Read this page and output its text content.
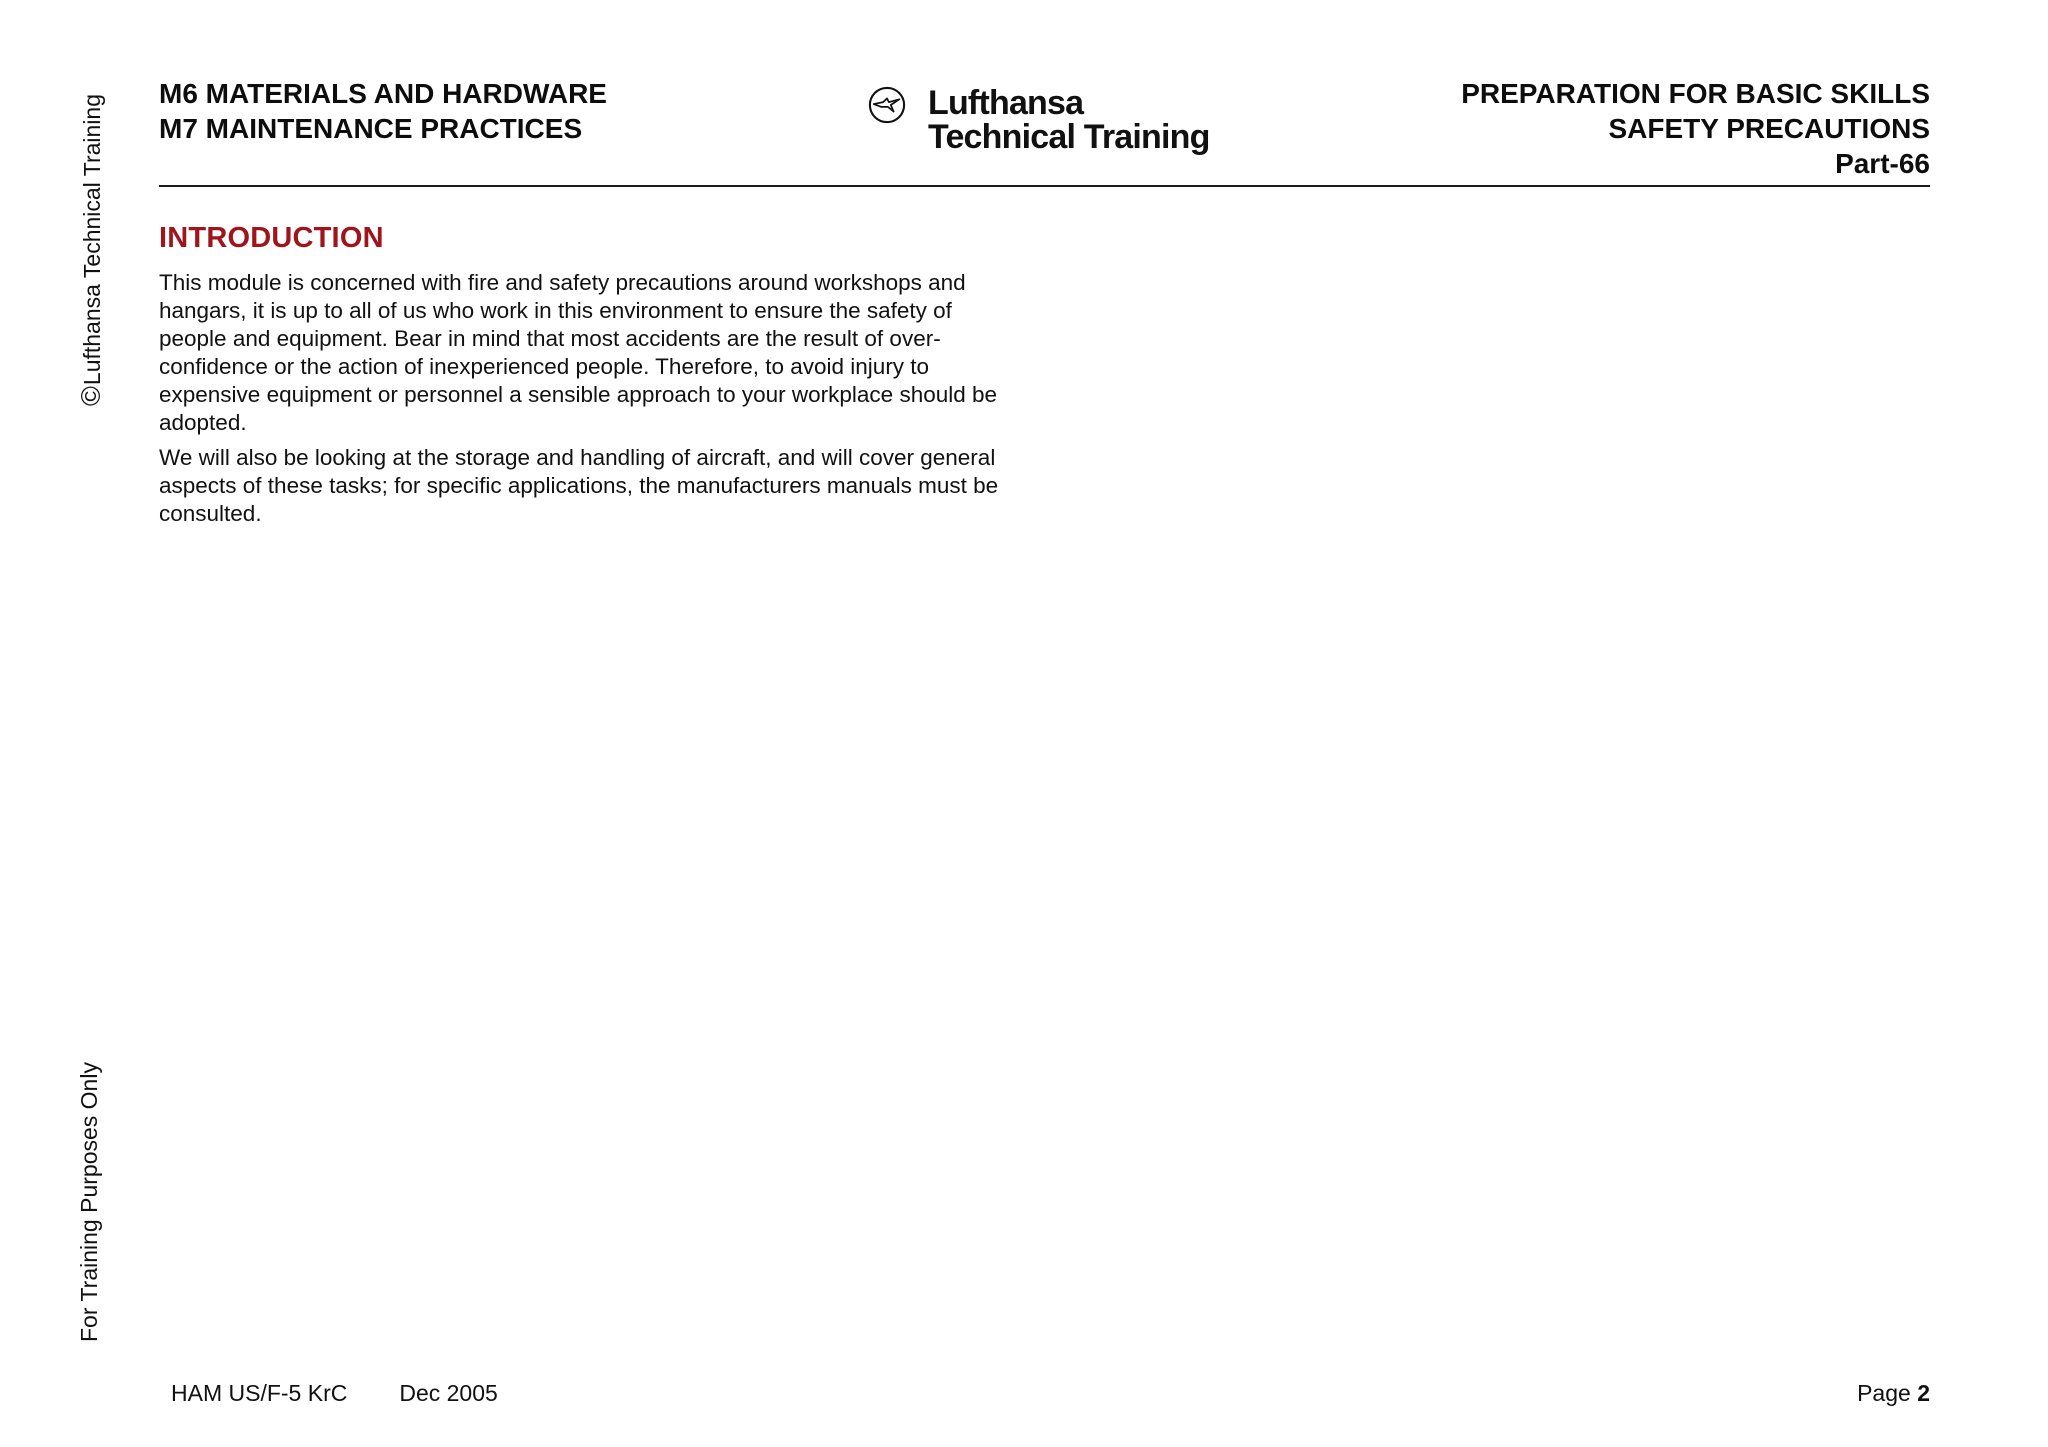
©Lufthansa Technical Training
For Training Purposes Only
M6 MATERIALS AND HARDWARE
M7 MAINTENANCE PRACTICES
Lufthansa
Technical Training
PREPARATION FOR BASIC SKILLS
SAFETY PRECAUTIONS
Part-66
INTRODUCTION

This module is concerned with fire and safety precautions around workshops and hangars, it is up to all of us who work in this environment to ensure the safety of people and equipment. Bear in mind that most accidents are the result of over-confidence or the action of inexperienced people. Therefore, to avoid injury to expensive equipment or personnel a sensible approach to your workplace should be adopted.

We will also be looking at the storage and handling of aircraft, and will cover general aspects of these tasks; for specific applications, the manufacturers manuals must be consulted.

HAM US/F-5 KrC Dec 2005	Page 2
